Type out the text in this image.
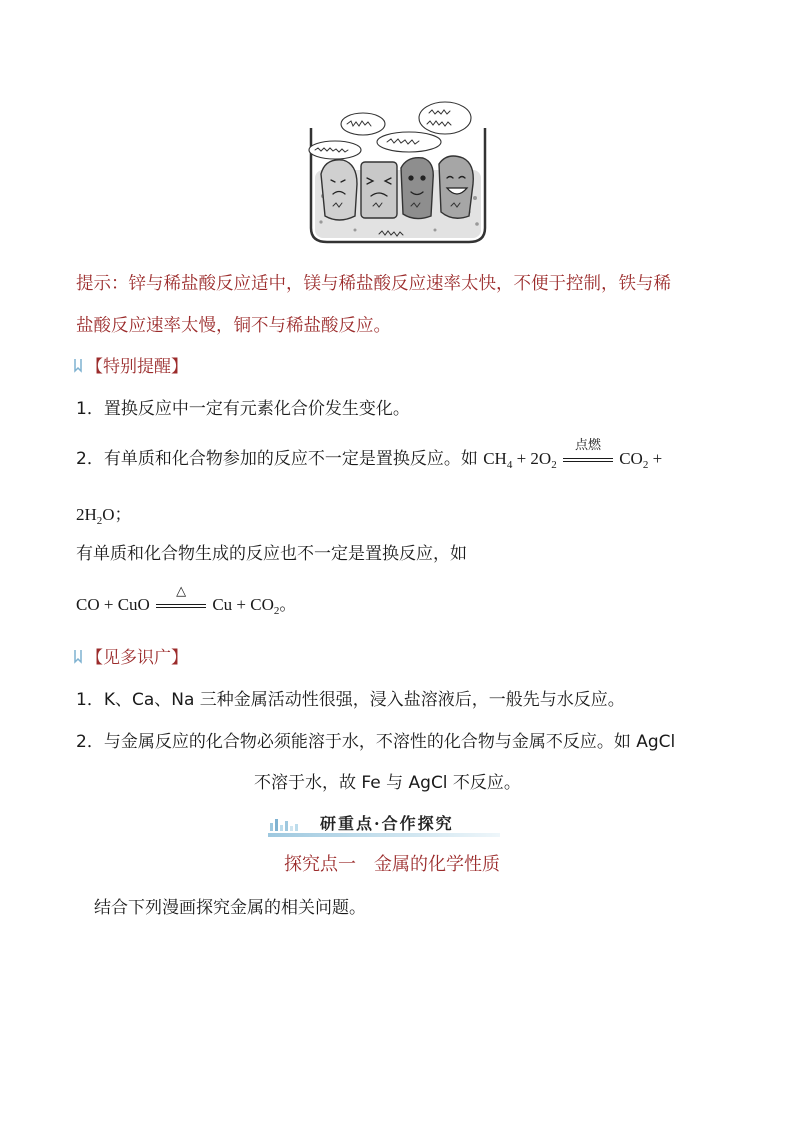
提示：锌与稀盐酸反应适中，镁与稀盐酸反应速率太快，不便于控制，铁与稀
盐酸反应速率太慢，铜不与稀盐酸反应。
【特别提醒】
1．置换反应中一定有元素化合价发生变化。
2．有单质和化合物参加的反应不一定是置换反应。如 $CH_4 + 2O_2$
点燃
$CO_2$ +
$2H_2O$；
有单质和化合物生成的反应也不一定是置换反应，如
CO + CuO
△
$Cu + CO_2$。
【见多识广】
1．K、Ca、Na 三种金属活动性很强，浸入盐溶液后，一般先与水反应。
2．与金属反应的化合物必须能溶于水，不溶性的化合物与金属不反应。如 AgCl
不溶于水，故 Fe 与 AgCl 不反应。
研重点·合作探究
探究点一　金属的化学性质
结合下列漫画探究金属的相关问题。
